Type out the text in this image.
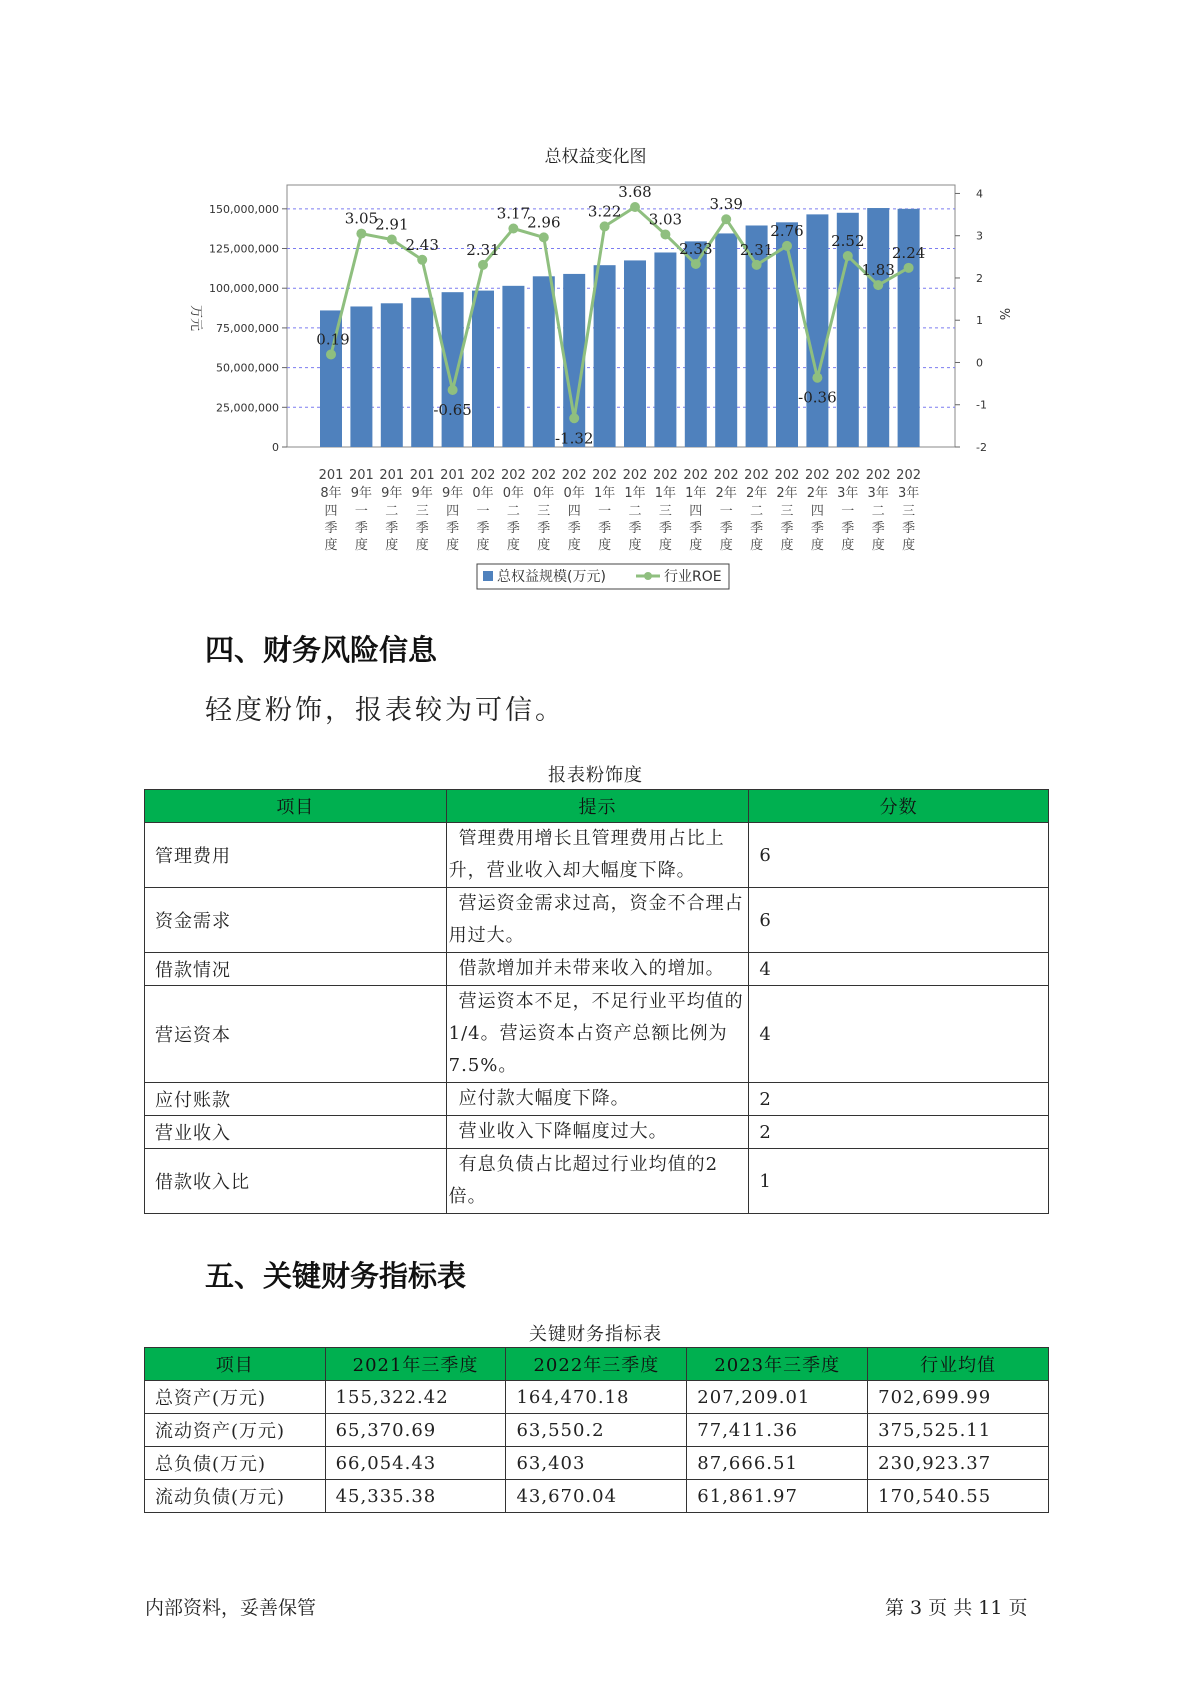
总权益变化图
0
25,000,000
50,000,000
75,000,000
100,000,000
125,000,000
150,000,000
-2
-1
0
1
2
3
4
万元	%
0.19
3.05
2.91
2.43
-0.65
2.31
3.17
2.96
-1.32
3.22
3.68
3.03
2.33
3.39
2.31
2.76
-0.36
2.52
1.83
2.24
201
8年
四
季
度
201
9年
一
季
度
201
9年
二
季
度
201
9年
三
季
度
201
9年
四
季
度
202
0年
一
季
度
202
0年
二
季
度
202
0年
三
季
度
202
0年
四
季
度
202
1年
一
季
度
202
1年
二
季
度
202
1年
三
季
度
202
1年
四
季
度
202
2年
一
季
度
202
2年
二
季
度
202
2年
三
季
度
202
2年
四
季
度
202
3年
一
季
度
202
3年
二
季
度
202
3年
三
季
度
总权益规模(万元)	行业ROE
四、财务风险信息
轻度粉饰，报表较为可信。
报表粉饰度
项目	提示	分数
管理费用	管理费用增长且管理费用占比上升，营业收入却大幅度下降。	6
资金需求	营运资金需求过高，资金不合理占用过大。	6
借款情况	借款增加并未带来收入的增加。	4
营运资本	营运资本不足，不足行业平均值的1/4。营运资本占资产总额比例为7.5%。	4
应付账款	应付款大幅度下降。	2
营业收入	营业收入下降幅度过大。	2
借款收入比	有息负债占比超过行业均值的2倍。	1
五、关键财务指标表
关键财务指标表
项目	2021年三季度	2022年三季度	2023年三季度	行业均值
总资产(万元)	155,322.42	164,470.18	207,209.01	702,699.99
流动资产(万元)	65,370.69	63,550.2	77,411.36	375,525.11
总负债(万元)	66,054.43	63,403	87,666.51	230,923.37
流动负债(万元)	45,335.38	43,670.04	61,861.97	170,540.55
内部资料，妥善保管	第 3 页 共 11 页
